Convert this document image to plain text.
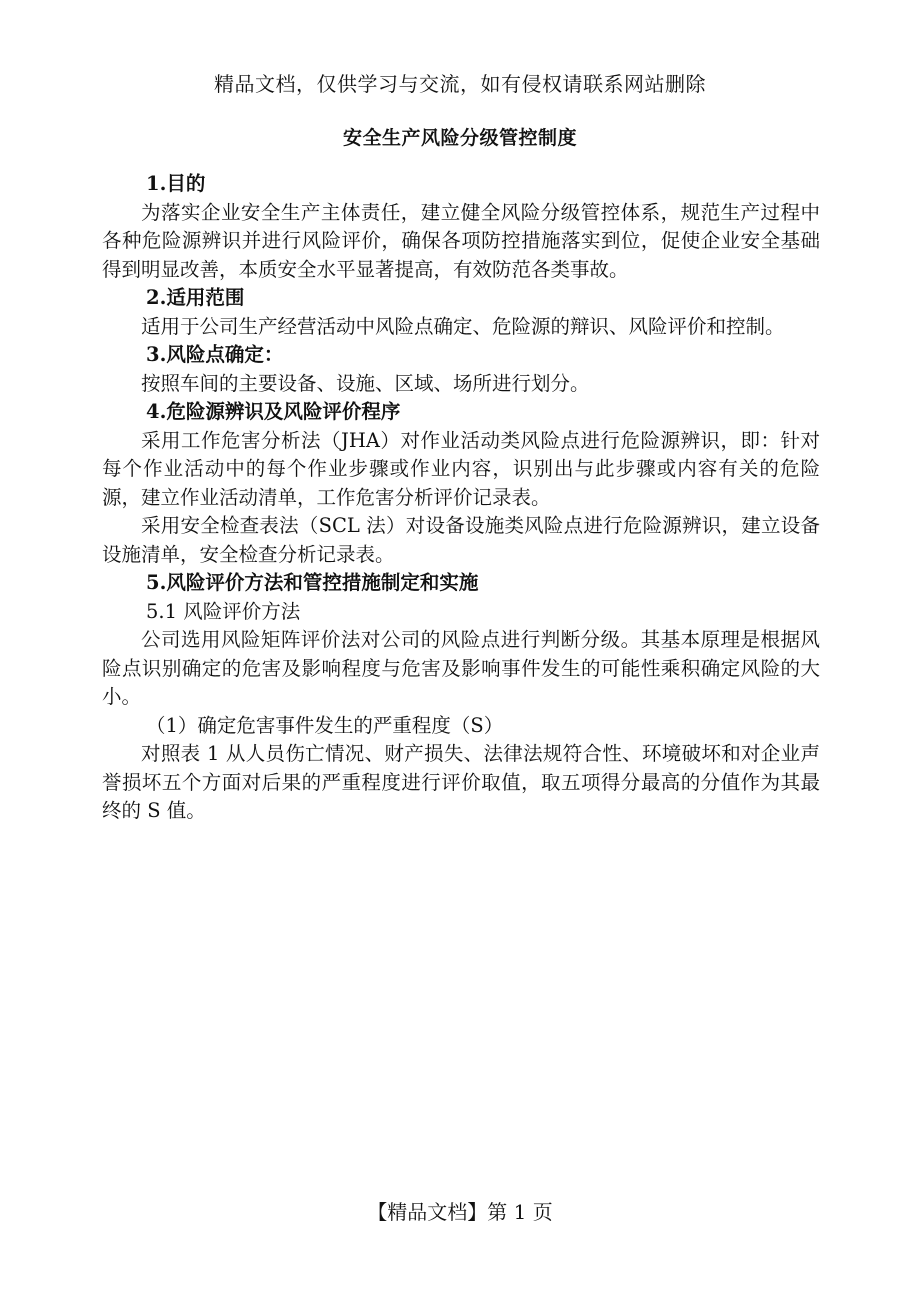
精品文档，仅供学习与交流，如有侵权请联系网站删除
安全生产风险分级管控制度
1.目的

为落实企业安全生产主体责任，建立健全风险分级管控体系，规范生产过程中各种危险源辨识并进行风险评价，确保各项防控措施落实到位，促使企业安全基础得到明显改善，本质安全水平显著提高，有效防范各类事故。

2.适用范围

适用于公司生产经营活动中风险点确定、危险源的辩识、风险评价和控制。

3.风险点确定：

按照车间的主要设备、设施、区域、场所进行划分。

4.危险源辨识及风险评价程序

采用工作危害分析法（JHA）对作业活动类风险点进行危险源辨识，即：针对每个作业活动中的每个作业步骤或作业内容，识别出与此步骤或内容有关的危险源，建立作业活动清单，工作危害分析评价记录表。

采用安全检查表法（SCL 法）对设备设施类风险点进行危险源辨识，建立设备设施清单，安全检查分析记录表。

5.风险评价方法和管控措施制定和实施
5.1 风险评价方法

公司选用风险矩阵评价法对公司的风险点进行判断分级。其基本原理是根据风险点识别确定的危害及影响程度与危害及影响事件发生的可能性乘积确定风险的大小。

（1）确定危害事件发生的严重程度（S）

对照表 1 从人员伤亡情况、财产损失、法律法规符合性、环境破坏和对企业声誉损坏五个方面对后果的严重程度进行评价取值，取五项得分最高的分值作为其最终的 S 值。

【精品文档】第 1 页
